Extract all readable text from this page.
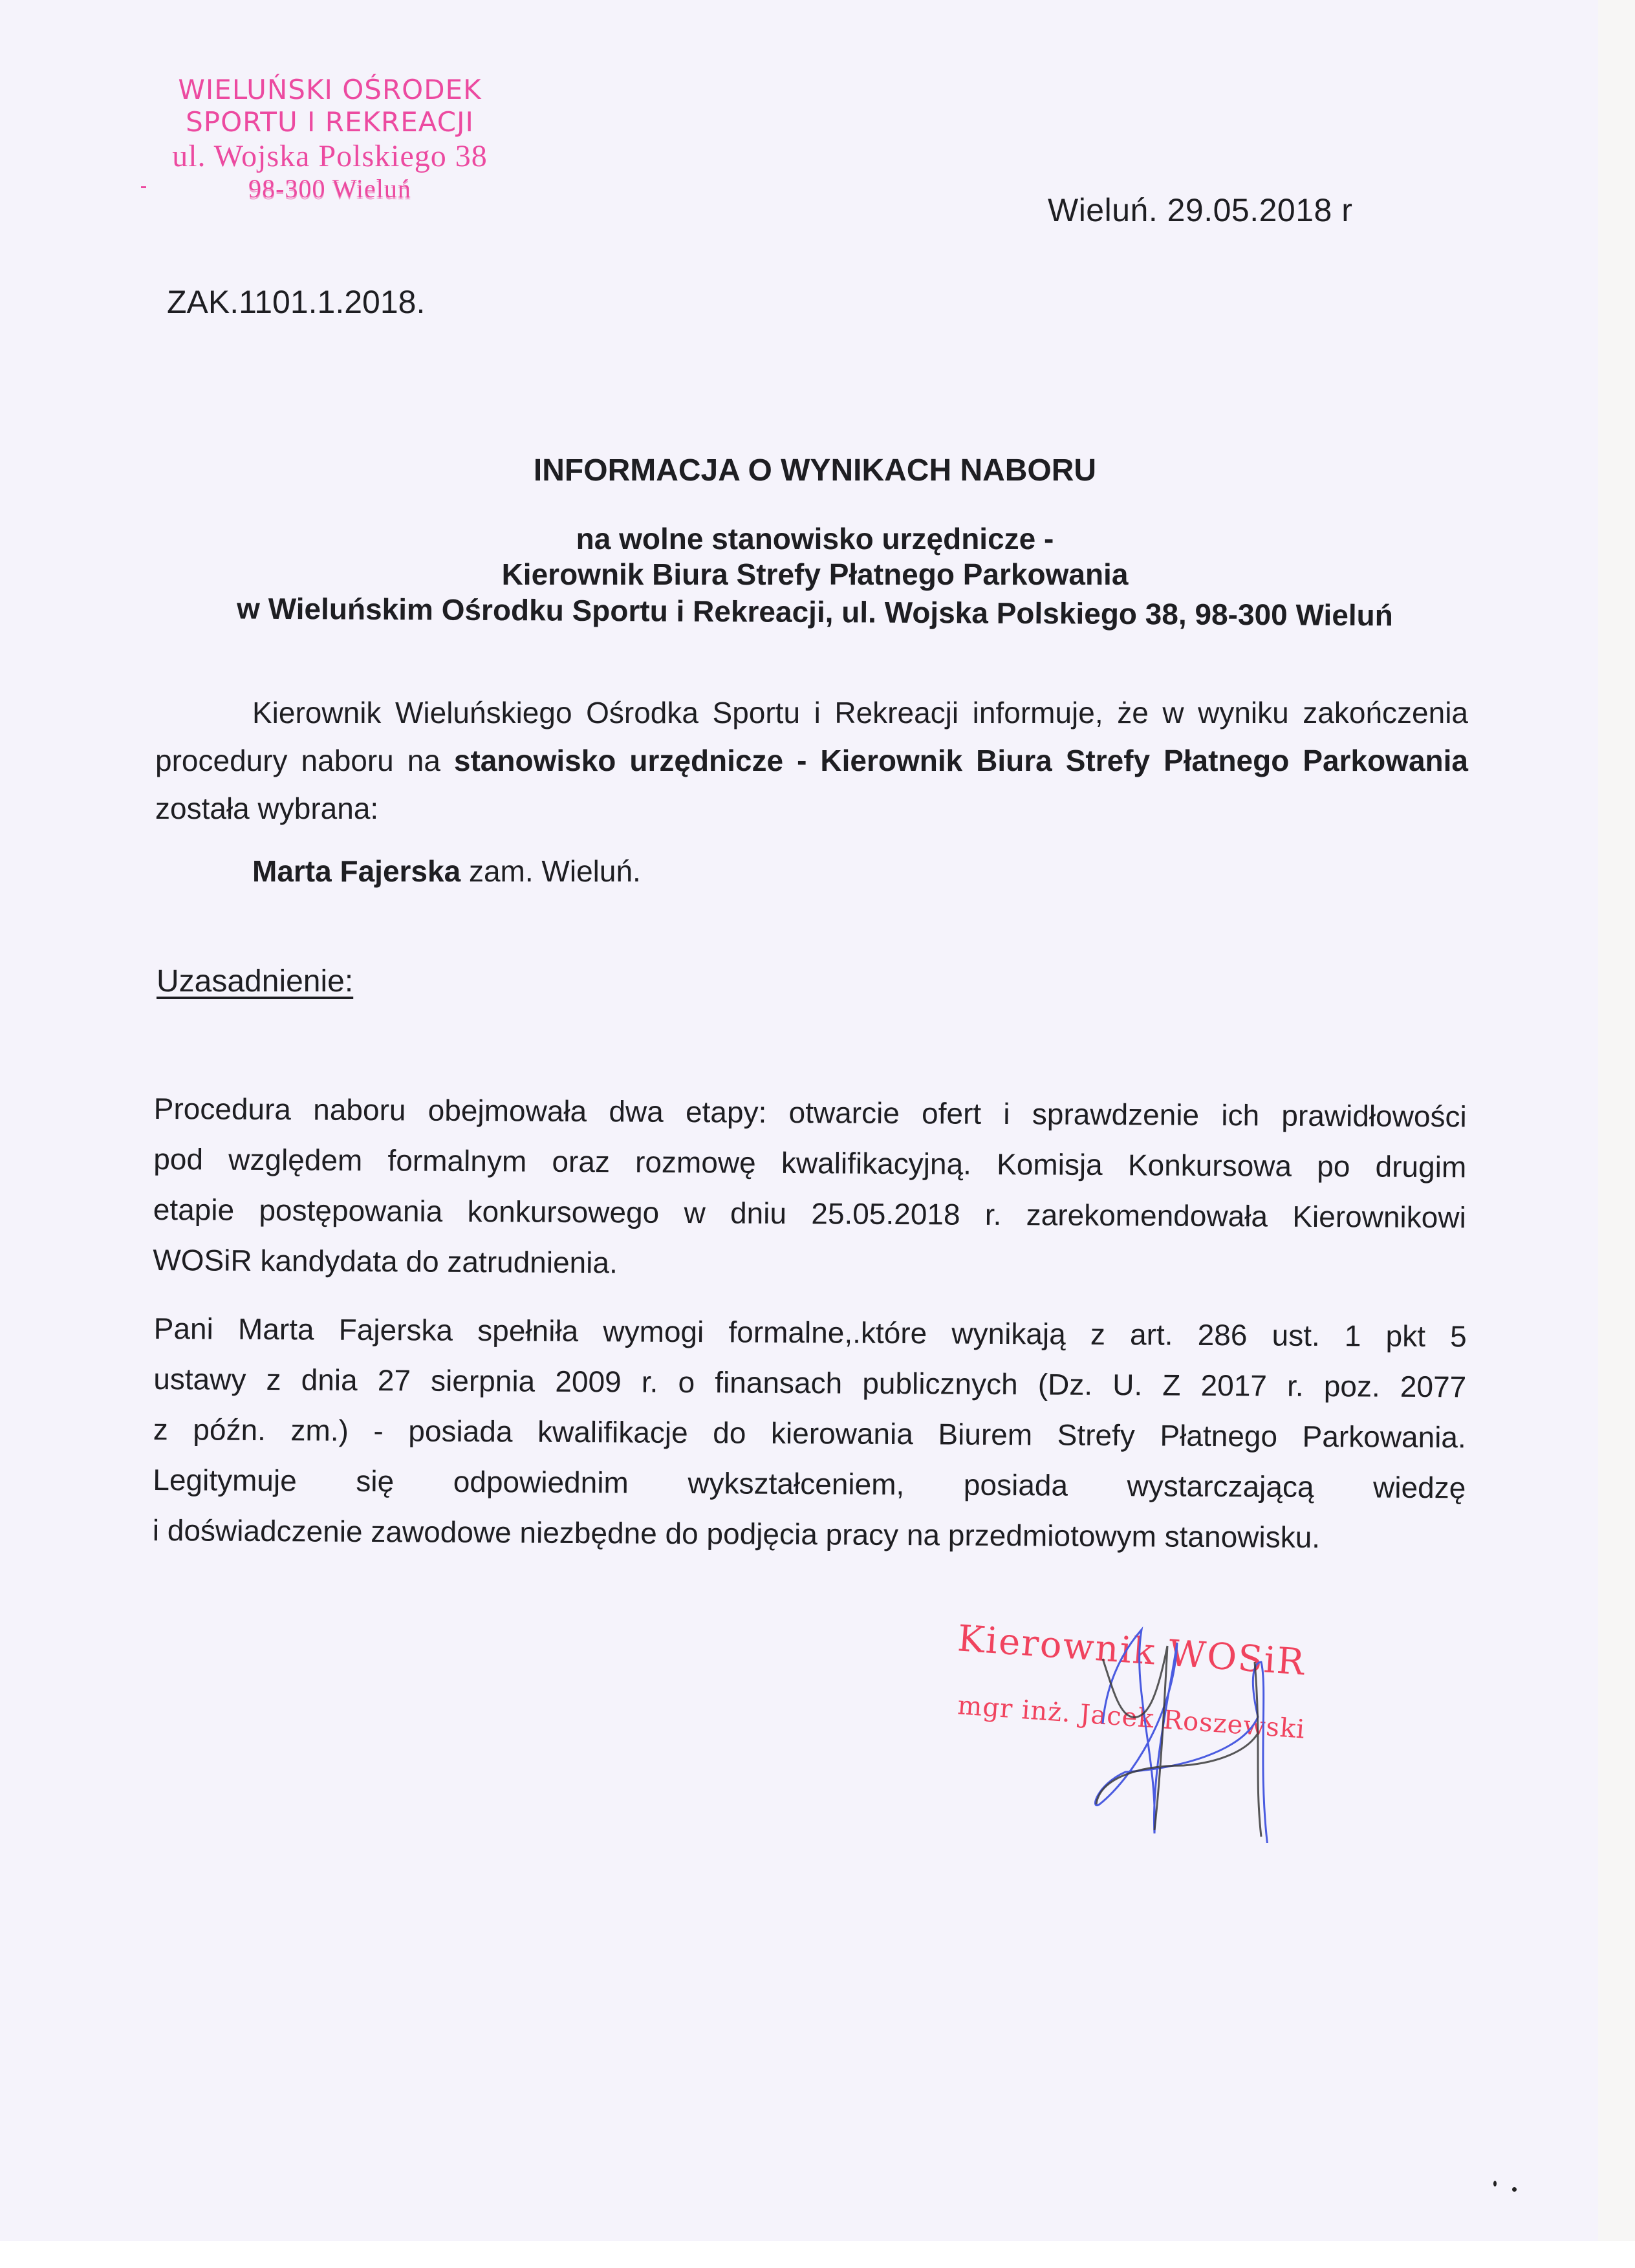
WIELUŃSKI OŚRODEK
SPORTU I REKREACJI
ul. Wojska Polskiego 38
98-300 Wieluń
Wieluń. 29.05.2018 r
ZAK.1101.1.2018.
INFORMACJA O WYNIKACH NABORU
na wolne stanowisko urzędnicze -
Kierownik Biura Strefy Płatnego Parkowania
w Wieluńskim Ośrodku Sportu i Rekreacji, ul. Wojska Polskiego 38, 98-300 Wieluń
Kierownik Wieluńskiego Ośrodka Sportu i Rekreacji informuje, że w wyniku zakończenia procedury naboru na stanowisko urzędnicze - Kierownik Biura Strefy Płatnego Parkowania została wybrana:
Marta Fajerska zam. Wieluń.
Uzasadnienie:
Procedura naboru obejmowała dwa etapy: otwarcie ofert i sprawdzenie ich prawidłowości
pod względem formalnym oraz rozmowę kwalifikacyjną. Komisja Konkursowa po drugim
etapie postępowania konkursowego w dniu 25.05.2018 r. zarekomendowała Kierownikowi
WOSiR kandydata do zatrudnienia.
Pani Marta Fajerska spełniła wymogi formalne,.które wynikają z art. 286 ust. 1 pkt 5
ustawy z dnia 27 sierpnia 2009 r. o finansach publicznych (Dz. U. Z 2017 r. poz. 2077
z późn. zm.) - posiada kwalifikacje do kierowania Biurem Strefy Płatnego Parkowania.
Legitymuje się odpowiednim wykształceniem, posiada wystarczającą wiedzę
i doświadczenie zawodowe niezbędne do podjęcia pracy na przedmiotowym stanowisku.
Kierownik WOSiR
mgr inż. Jacek Roszewski
